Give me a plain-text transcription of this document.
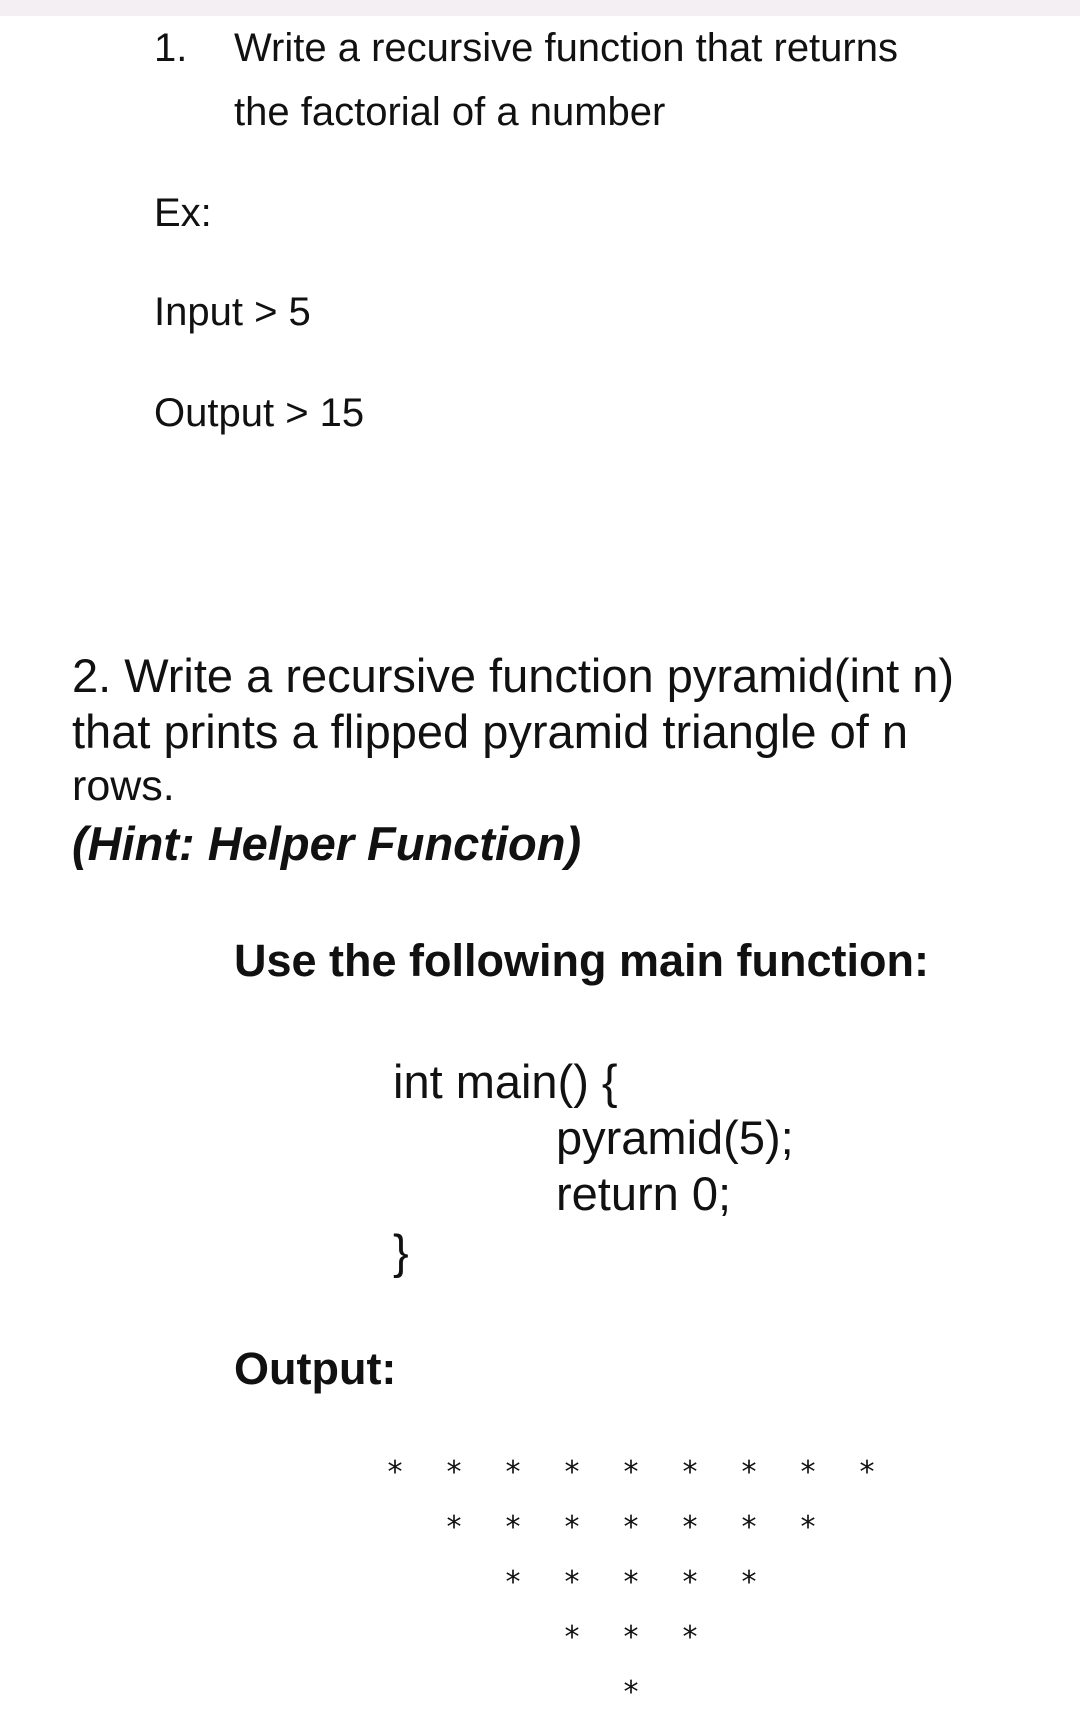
1. Write a recursive function that returns
the factorial of a number
Ex:
Input > 5
Output > 15
2. Write a recursive function pyramid(int n)
that prints a flipped pyramid triangle of n
rows.
(Hint: Helper Function)
Use the following main function:
int main() {
pyramid(5);
return 0;
}
Output:
* * * * * * * * *
* * * * * * *
* * * * *
* * *
*
